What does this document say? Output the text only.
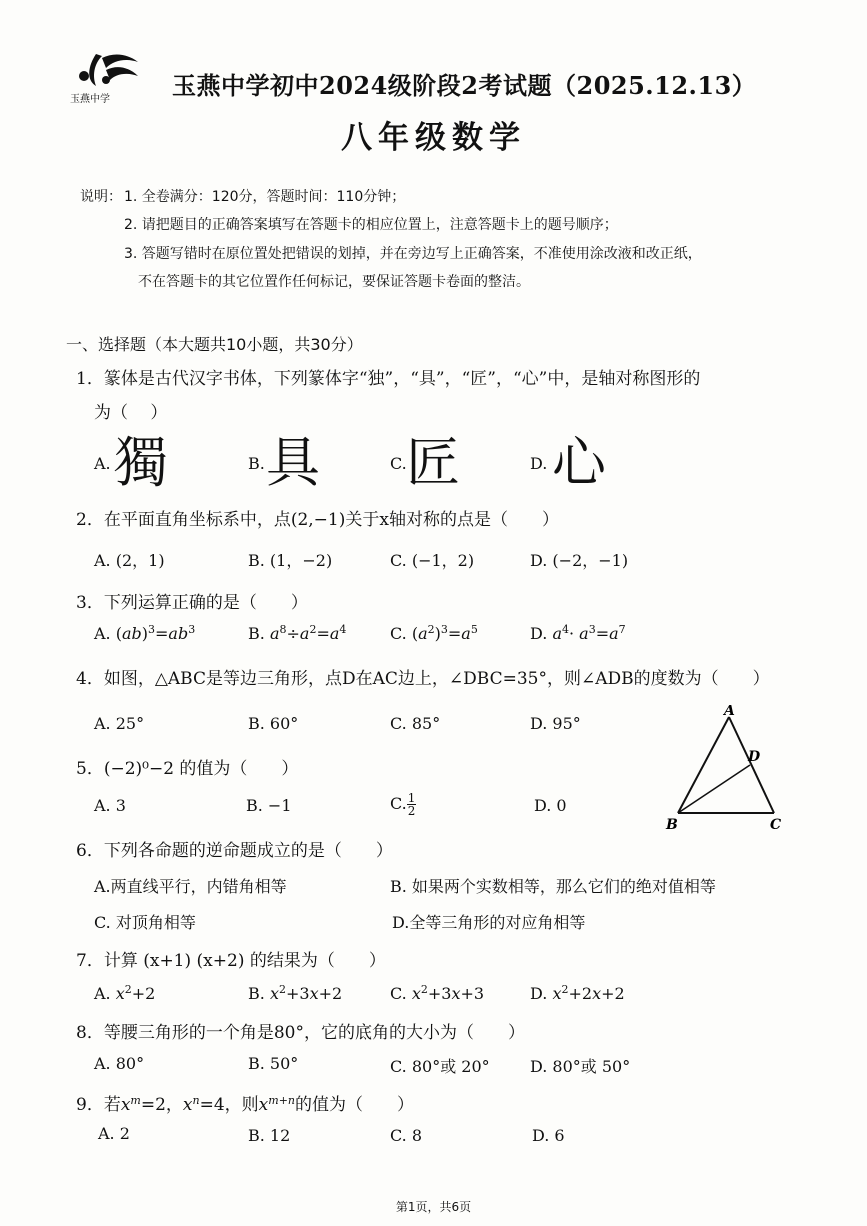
玉燕中学	玉燕中学初中2024级阶段2考试题（2025.12.13）
八年级数学
说明： 1. 全卷满分：120分，答题时间：110分钟；
2. 请把题目的正确答案填写在答题卡的相应位置上，注意答题卡上的题号顺序；
3. 答题写错时在原位置处把错误的划掉，并在旁边写上正确答案，不准使用涂改液和改正纸，
不在答题卡的其它位置作任何标记，要保证答题卡卷面的整洁。
一、选择题（本大题共10小题，共30分）
1．篆体是古代汉字书体，下列篆体字“独”，“具”，“匠”，“心”中，是轴对称图形的
为（　 ）
A. 獨	B. 具	C. 匠	D. 心
2．在平面直角坐标系中，点(2,−1)关于x轴对称的点是（　　）
A. (2，1)	B. (1，−2)	C. (−1，2)	D. (−2，−1)
3．下列运算正确的是（　　）
A. $(ab)^3=ab^3$	B. $a^8\div a^2=a^4$	C. $(a^2)^3=a^5$	D. $a^4\cdot a^3=a^7$
4．如图，△ABC是等边三角形，点D在AC边上，∠DBC=35°，则∠ADB的度数为（　　）
A. 25°	B. 60°	C. 85°	D. 95°
A
D
B	C
5．(−2)⁰−2 的值为（　　）
A. 3	B. −1	C. $\frac{1}{2}$	D. 0
6．下列各命题的逆命题成立的是（　　）
A.两直线平行，内错角相等	B. 如果两个实数相等，那么它们的绝对值相等
C. 对顶角相等	D.全等三角形的对应角相等
7．计算 (x+1) (x+2) 的结果为（　　）
A. $x^2+2$	B. $x^2+3x+2$	C. $x^2+3x+3$	D. $x^2+2x+2$
8．等腰三角形的一个角是80°，它的底角的大小为（　　）
A. 80°	B. 50°	C. 80°或 20°	D. 80°或 50°
9．若$x^m=2$，$x^n=4$，则$x^{m+n}$的值为（　　）
A. 2	B. 12	C. 8	D. 6
第1页，共6页
